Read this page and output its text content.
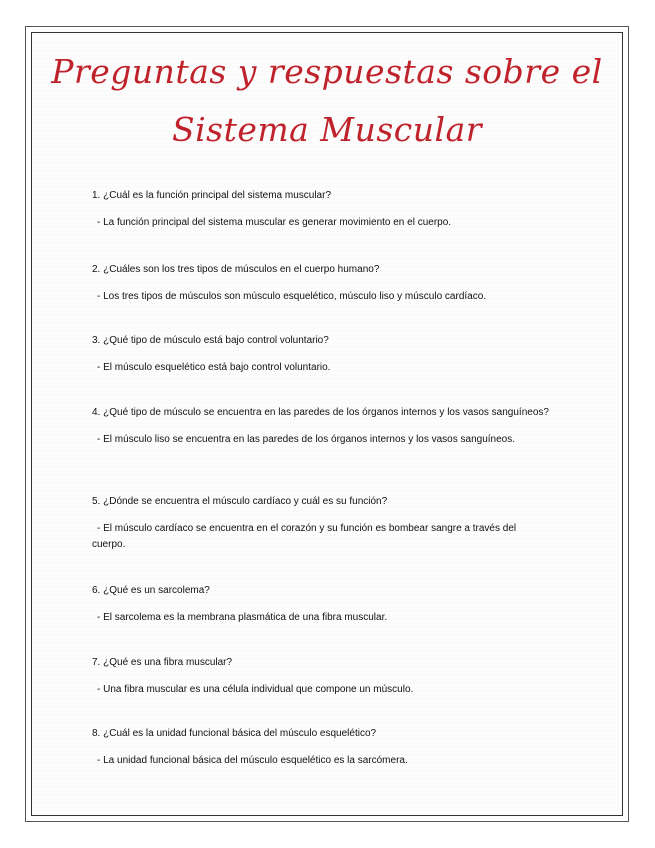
Preguntas y respuestas sobre el
Sistema Muscular

1. ¿Cuál es la función principal del sistema muscular?

- La función principal del sistema muscular es generar movimiento en el cuerpo.

2. ¿Cuáles son los tres tipos de músculos en el cuerpo humano?

- Los tres tipos de músculos son músculo esquelético, músculo liso y músculo cardíaco.

3. ¿Qué tipo de músculo está bajo control voluntario?

- El músculo esquelético está bajo control voluntario.

4. ¿Qué tipo de músculo se encuentra en las paredes de los órganos internos y los vasos sanguíneos?

- El músculo liso se encuentra en las paredes de los órganos internos y los vasos sanguíneos.

5. ¿Dónde se encuentra el músculo cardíaco y cuál es su función?

- El músculo cardíaco se encuentra en el corazón y su función es bombear sangre a través del cuerpo.

6. ¿Qué es un sarcolema?

- El sarcolema es la membrana plasmática de una fibra muscular.

7. ¿Qué es una fibra muscular?

- Una fibra muscular es una célula individual que compone un músculo.

8. ¿Cuál es la unidad funcional básica del músculo esquelético?

- La unidad funcional básica del músculo esquelético es la sarcómera.
